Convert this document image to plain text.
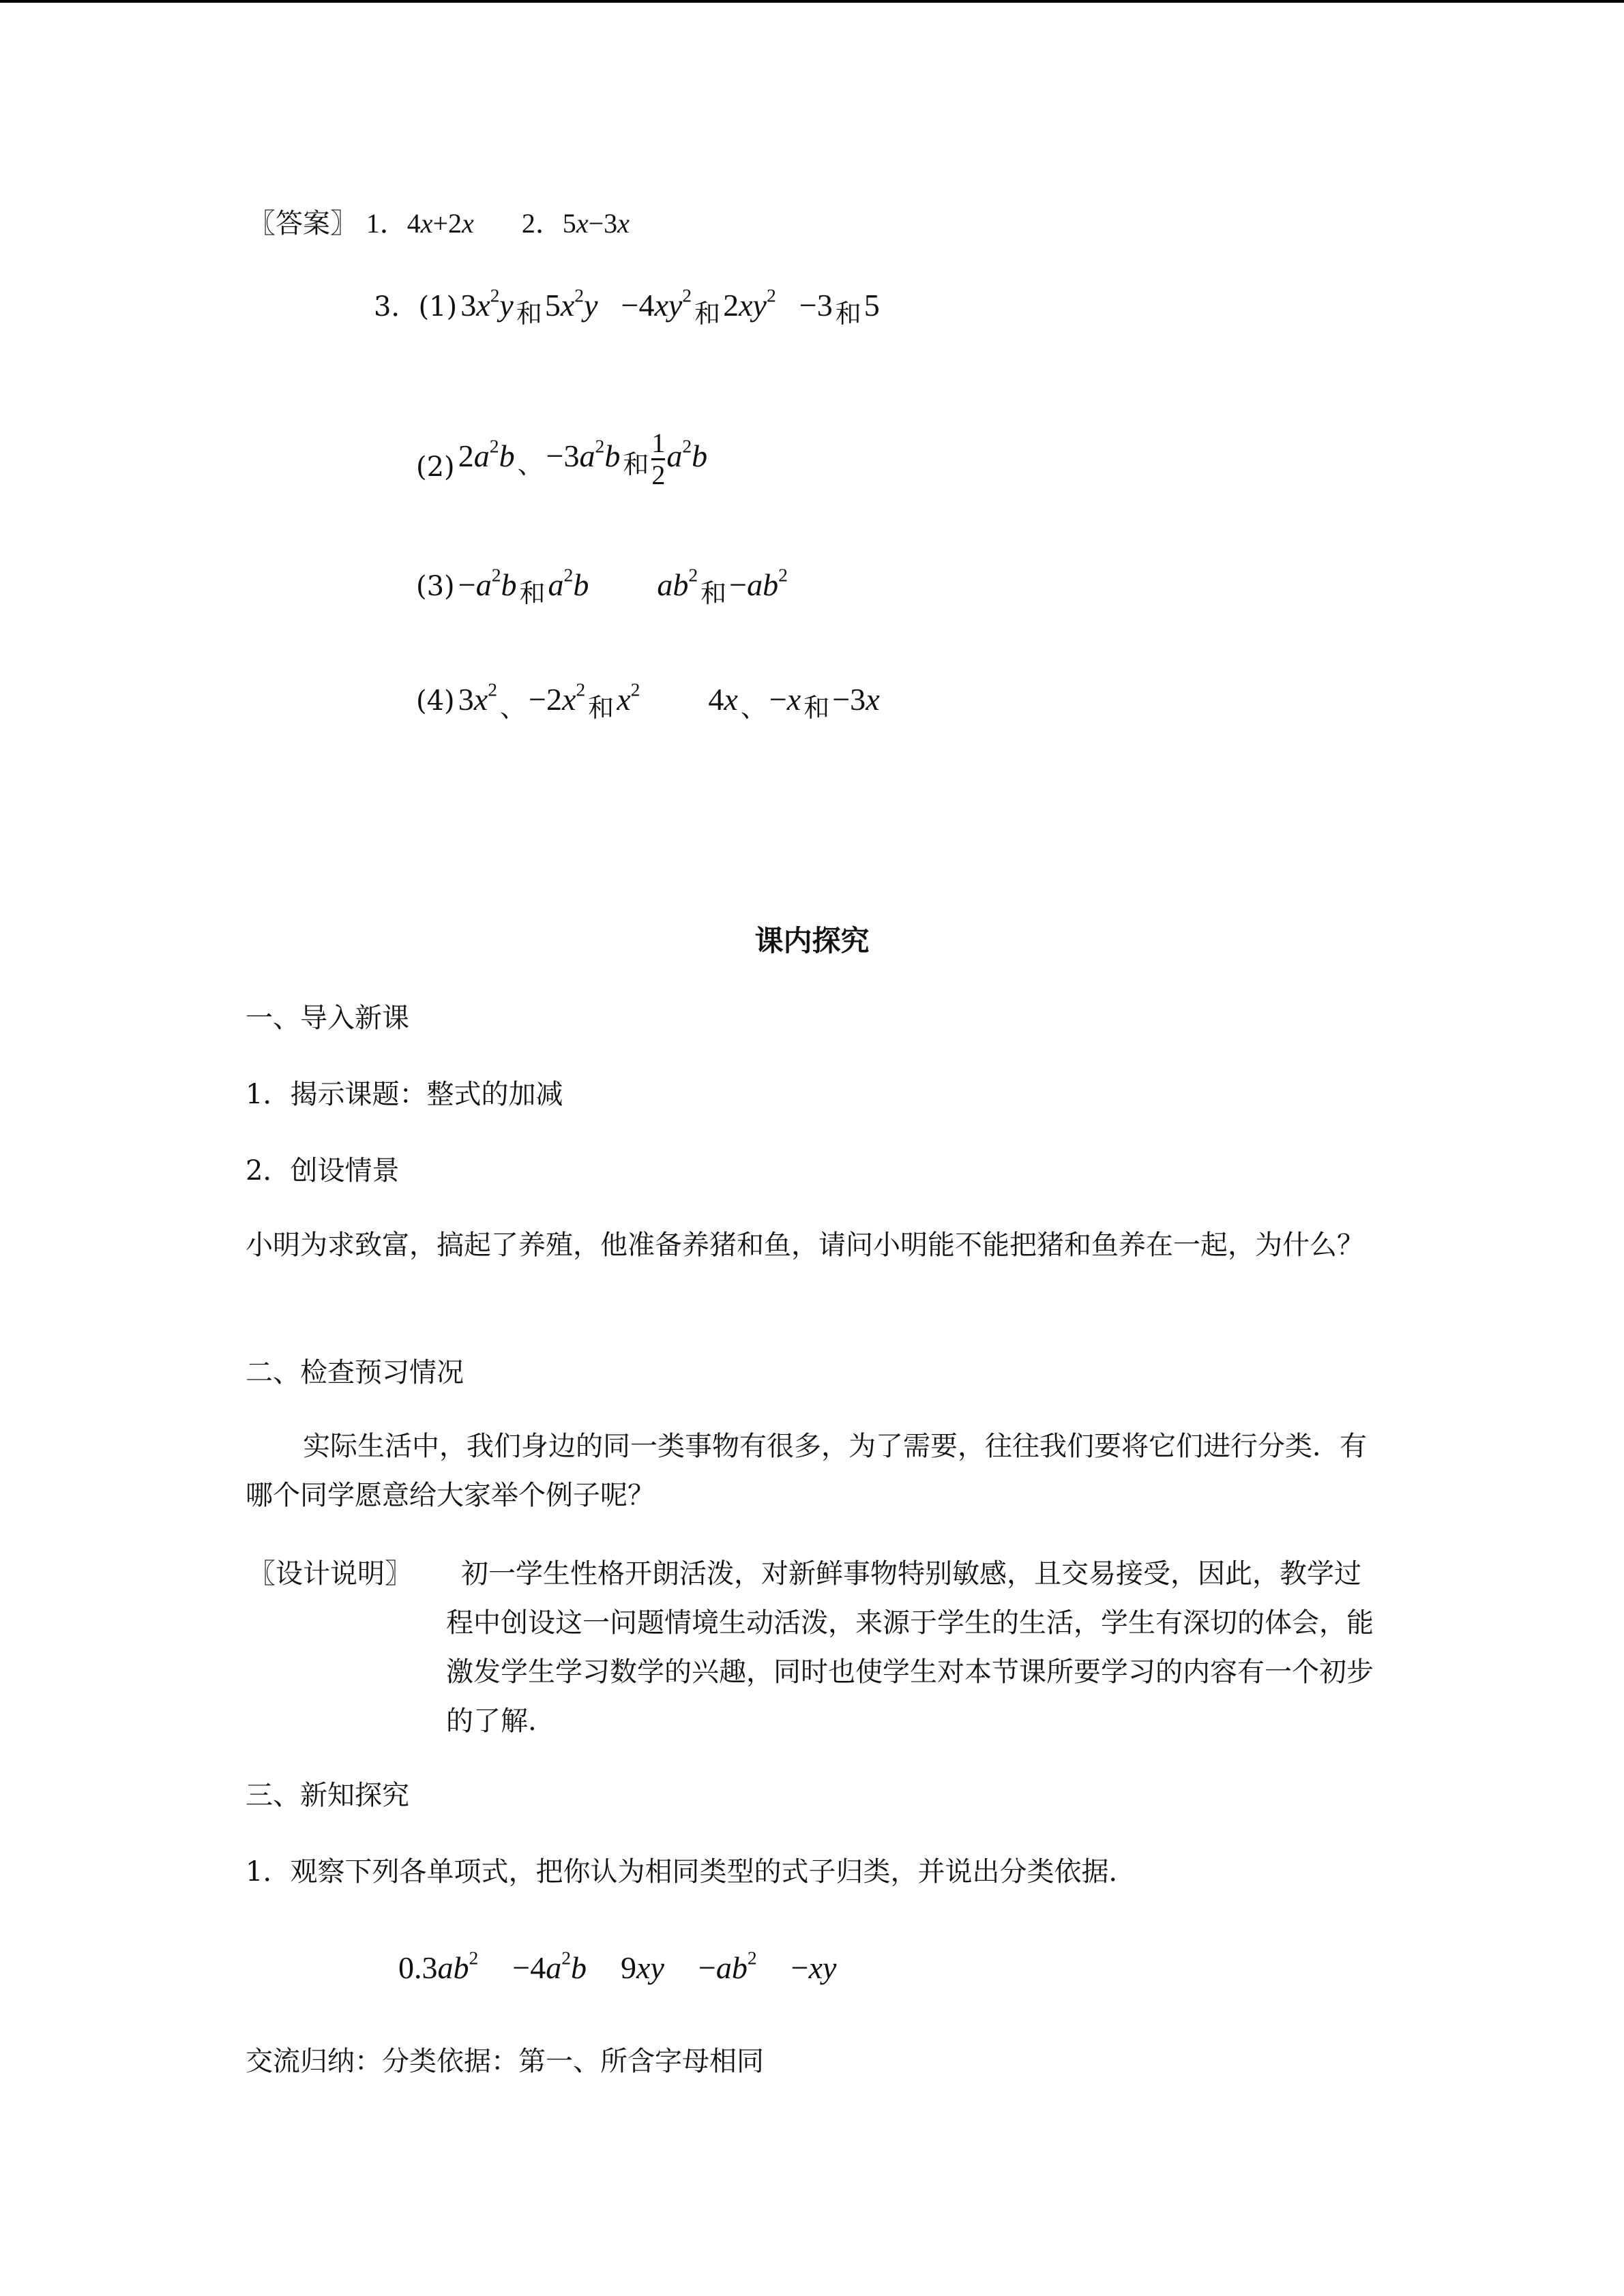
〖答案〗 1．4x+2x 2．5x−3x
3．(1) $3x^2y$ $_和5x^2y -4xy^2_和2xy^2 -3$ $_和$5
(2) $2a^2b$ $_、-3a^2b$ $_和 \frac{1}{2} a^2b$
$(3) -a^2b$ $_和a^2b$ $ab^2_和-ab^2$
(4) $3x^2_、-2x^2_和x^2$ 4x $_、$−x $_和$−3x
课内探究
一、导入新课
1．揭示课题：整式的加减
2．创设情景
小明为求致富，搞起了养殖，他准备养猪和鱼，请问小明能不能把猪和鱼养在一起，为什么？
二、检查预习情况
实际生活中，我们身边的同一类事物有很多，为了需要，往往我们要将它们进行分类．有哪个同学愿意给大家举个例子呢？
〖设计说明〗	初一学生性格开朗活泼，对新鲜事物特别敏感，且交易接受，因此，教学过程中创设这一问题情境生动活泼，来源于学生的生活，学生有深切的体会，能激发学生学习数学的兴趣，同时也使学生对本节课所要学习的内容有一个初步的了解.
三、新知探究
1．观察下列各单项式，把你认为相同类型的式子归类，并说出分类依据．
$0.3ab^2 -4a^2b$ $9xy -ab^2 -xy$
交流归纳：分类依据：第一、所含字母相同
